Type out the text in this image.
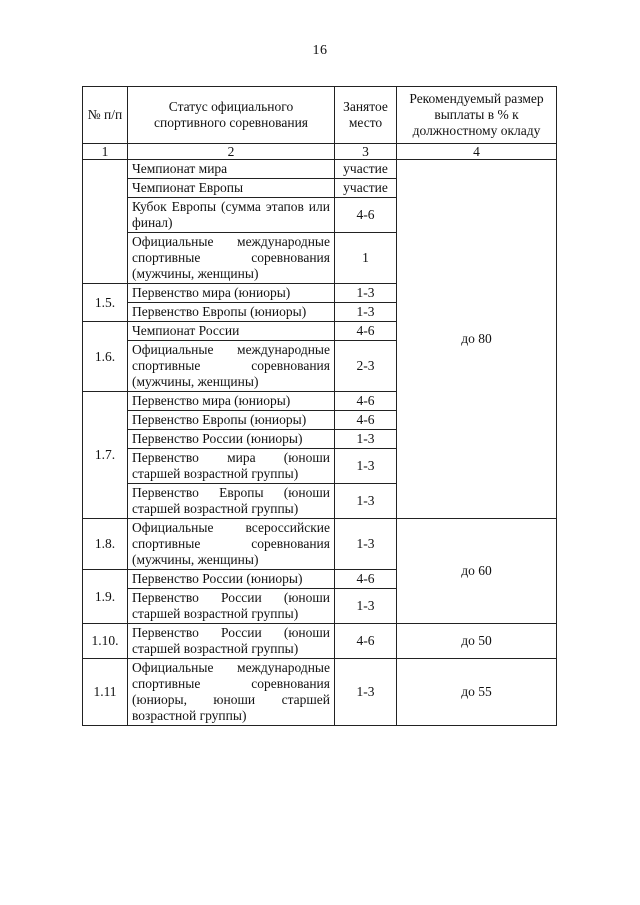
16
№ п/п	Статус официального спортивного соревнования	Занятое место	Рекомендуемый размер выплаты в % к должностному окладу
1	2	3	4
	Чемпионат мира	участие	до 80
	Чемпионат Европы	участие	
	Кубок Европы (сумма этапов или финал)	4-6	
	Официальные международные спортивные соревнования (мужчины, женщины)	1	
1.5.	Первенство мира (юниоры)	1-3	
	Первенство Европы (юниоры)	1-3	
1.6.	Чемпионат России	4-6	
	Официальные международные спортивные соревнования (мужчины, женщины)	2-3	
1.7.	Первенство мира (юниоры)	4-6	
	Первенство Европы (юниоры)	4-6	
	Первенство России (юниоры)	1-3	
	Первенство мира (юноши старшей возрастной группы)	1-3	
	Первенство Европы (юноши старшей возрастной группы)	1-3	
1.8.	Официальные всероссийские спортивные соревнования (мужчины, женщины)	1-3	до 60
1.9.	Первенство России (юниоры)	4-6	
	Первенство России (юноши старшей возрастной группы)	1-3	
1.10.	Первенство России (юноши старшей возрастной группы)	4-6	до 50
1.11	Официальные международные спортивные соревнования (юниоры, юноши старшей возрастной группы)	1-3	до 55
